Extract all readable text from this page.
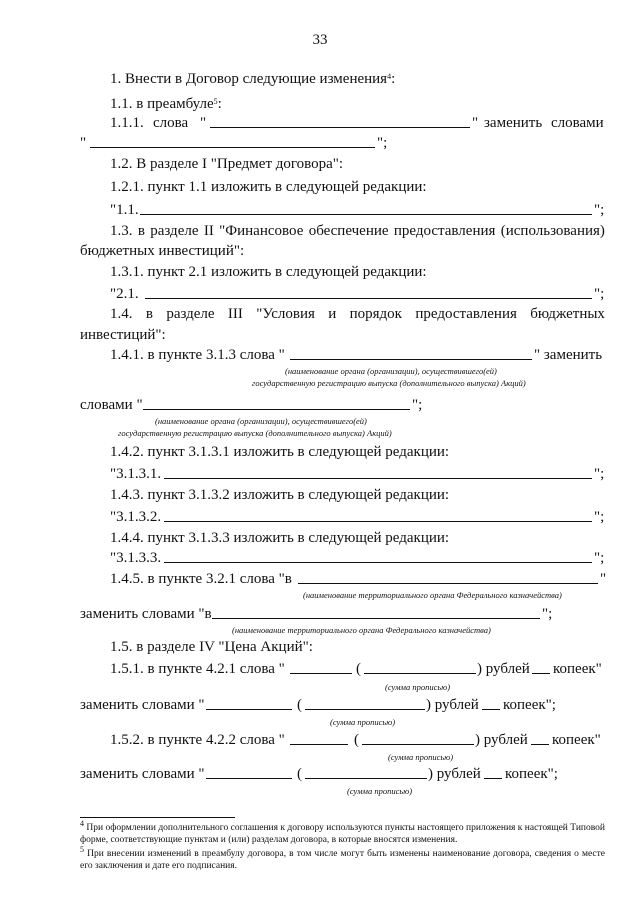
33
1. Внести в Договор следующие изменения$^4$:
1.1. в преамбуле$^5$:
1.1.1. слова "	" заменить словами
"	";
1.2. В разделе I "Предмет договора":
1.2.1. пункт 1.1 изложить в следующей редакции:
"1.1.	";
1.3. в разделе II "Финансовое обеспечение предоставления (использования)
бюджетных инвестиций":
1.3.1. пункт 2.1 изложить в следующей редакции:
"2.1.	";
1.4. в разделе III "Условия и порядок предоставления бюджетных
инвестиций":
1.4.1. в пункте 3.1.3 слова "	" заменить
(наименование органа (организации), осуществившего(ей)
государственную регистрацию выпуска (дополнительного выпуска) Акций)
словами "	";
(наименование органа (организации), осуществившего(ей)
государственную регистрацию выпуска (дополнительного выпуска) Акций)
1.4.2. пункт 3.1.3.1 изложить в следующей редакции:
"3.1.3.1.	";
1.4.3. пункт 3.1.3.2 изложить в следующей редакции:
"3.1.3.2.	";
1.4.4. пункт 3.1.3.3 изложить в следующей редакции:
"3.1.3.3.	";
1.4.5. в пункте 3.2.1 слова "в	"
(наименование территориального органа Федерального казначейства)
заменить словами "в	";
(наименование территориального органа Федерального казначейства)
1.5. в разделе IV "Цена Акций":
1.5.1. в пункте 4.2.1 слова "	(	) рублей копеек"
(сумма прописью)
заменить словами "	(	) рублей копеек";
(сумма прописью)
1.5.2. в пункте 4.2.2 слова "	(	) рублей копеек"
(сумма прописью)
заменить словами "	(	) рублей копеек";
(сумма прописью)
$^4$ При оформлении дополнительного соглашения к договору используются пункты настоящего приложения к настоящей Типовой форме, соответствующие пунктам и (или) разделам договора, в которые вносятся изменения.
$^5$ При внесении изменений в преамбулу договора, в том числе могут быть изменены наименование договора, сведения о месте его заключения и дате его подписания.
